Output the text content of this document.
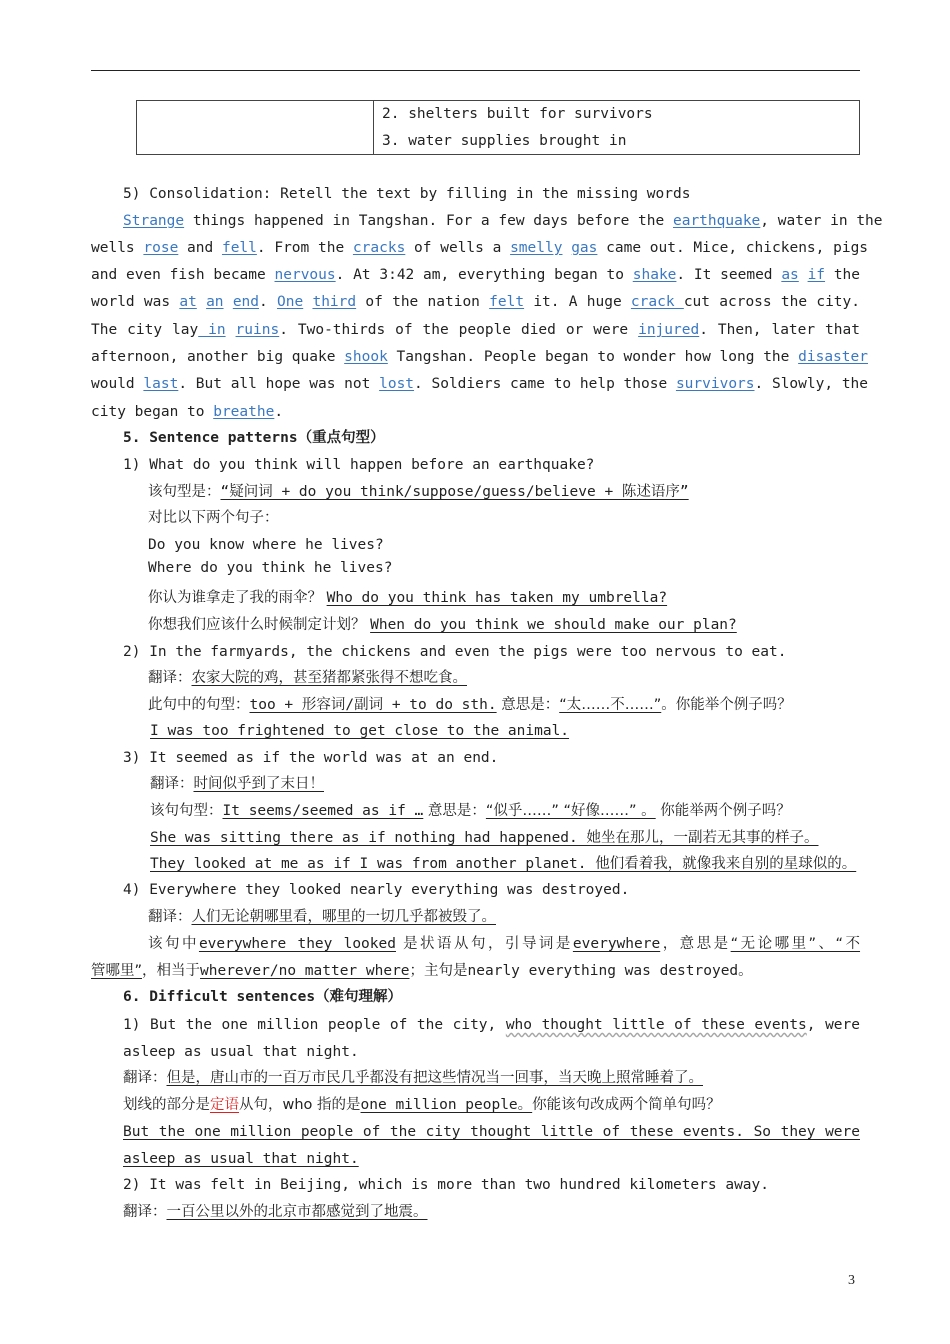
2. shelters built for survivors
3. water supplies brought in
5) Consolidation: Retell the text by filling in the missing words
Strange things happened in Tangshan. For a few days before the earthquake, water in the
wells rose and fell. From the cracks of wells a smelly gas came out. Mice, chickens, pigs
and even fish became nervous. At 3:42 am, everything began to shake. It seemed as if the
world was at an end. One third of the nation felt it. A huge crack cut across the city.
The city lay in ruins. Two-thirds of the people died or were injured. Then, later that
afternoon, another big quake shook Tangshan. People began to wonder how long the disaster
would last. But all hope was not lost. Soldiers came to help those survivors. Slowly, the
city began to breathe.
5. Sentence patterns（重点句型）
1) What do you think will happen before an earthquake?
该句型是：“疑问词 + do you think/suppose/guess/believe + 陈述语序”
对比以下两个句子：
Do you know where he lives?
Where do you think he lives?
你认为谁拿走了我的雨伞？ Who do you think has taken my umbrella?
你想我们应该什么时候制定计划？ When do you think we should make our plan?
2) In the farmyards, the chickens and even the pigs were too nervous to eat.
翻译：农家大院的鸡，甚至猪都紧张得不想吃食。
此句中的句型：too + 形容词/副词 + to do sth. 意思是：“太……不……”。你能举个例子吗？
I was too frightened to get close to the animal.
3) It seemed as if the world was at an end.
翻译：时间似乎到了末日！
该句句型：It seems/seemed as if … 意思是：“似乎……” “好像……” 。 你能举两个例子吗？
She was sitting there as if nothing had happened. 她坐在那儿，一副若无其事的样子。
They looked at me as if I was from another planet. 他们看着我，就像我来自别的星球似的。
4) Everywhere they looked nearly everything was destroyed.
翻译：人们无论朝哪里看，哪里的一切几乎都被毁了。
该句中everywhere they looked 是状语从句，引导词是everywhere，意思是“无论哪里”、“不
管哪里”，相当于wherever/no matter where；主句是nearly everything was destroyed。
6. Difficult sentences（难句理解）
1) But the one million people of the city, who thought little of these events, were
asleep as usual that night.
翻译：但是，唐山市的一百万市民几乎都没有把这些情况当一回事，当天晚上照常睡着了。
划线的部分是定语从句，who 指的是one million people。你能该句改成两个简单句吗？
But the one million people of the city thought little of these events. So they were
asleep as usual that night.
2) It was felt in Beijing, which is more than two hundred kilometers away.
翻译：一百公里以外的北京市都感觉到了地震。
3
